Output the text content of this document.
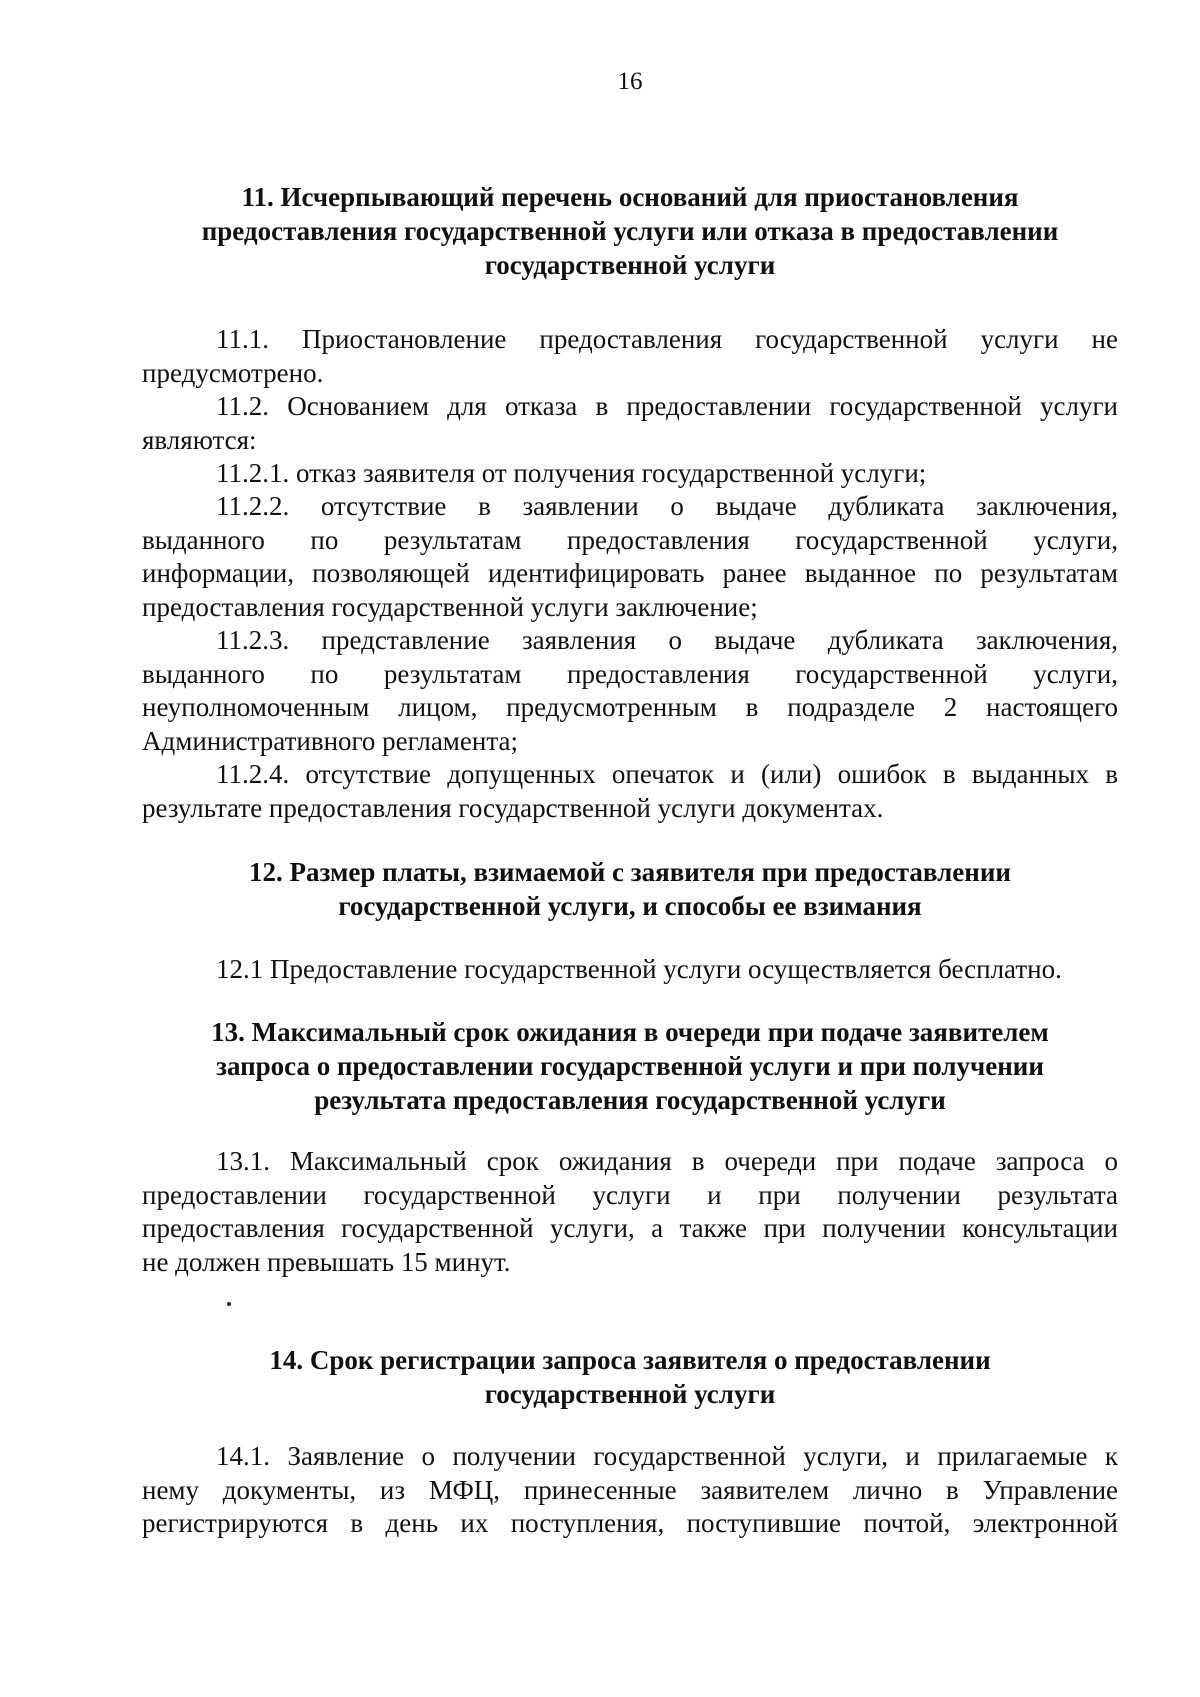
16
11. Исчерпывающий перечень оснований для приостановления
предоставления государственной услуги или отказа в предоставлении
государственной услуги
11.1. Приостановление предоставления государственной услуги не
предусмотрено.
11.2. Основанием для отказа в предоставлении государственной услуги
являются:
11.2.1. отказ заявителя от получения государственной услуги;
11.2.2. отсутствие в заявлении о выдаче дубликата заключения,
выданного по результатам предоставления государственной услуги,
информации, позволяющей идентифицировать ранее выданное по результатам
предоставления государственной услуги заключение;
11.2.3. представление заявления о выдаче дубликата заключения,
выданного по результатам предоставления государственной услуги,
неуполномоченным лицом, предусмотренным в подразделе 2 настоящего
Административного регламента;
11.2.4. отсутствие допущенных опечаток и (или) ошибок в выданных в
результате предоставления государственной услуги документах.
12. Размер платы, взимаемой с заявителя при предоставлении
государственной услуги, и способы ее взимания
12.1 Предоставление государственной услуги осуществляется бесплатно.
13. Максимальный срок ожидания в очереди при подаче заявителем
запроса о предоставлении государственной услуги и при получении
результата предоставления государственной услуги
13.1. Максимальный срок ожидания в очереди при подаче запроса о
предоставлении государственной услуги и при получении результата
предоставления государственной услуги, а также при получении консультации
не должен превышать 15 минут.
14. Срок регистрации запроса заявителя о предоставлении
государственной услуги
14.1. Заявление о получении государственной услуги, и прилагаемые к
нему документы, из МФЦ, принесенные заявителем лично в Управление
регистрируются в день их поступления, поступившие почтой, электронной
